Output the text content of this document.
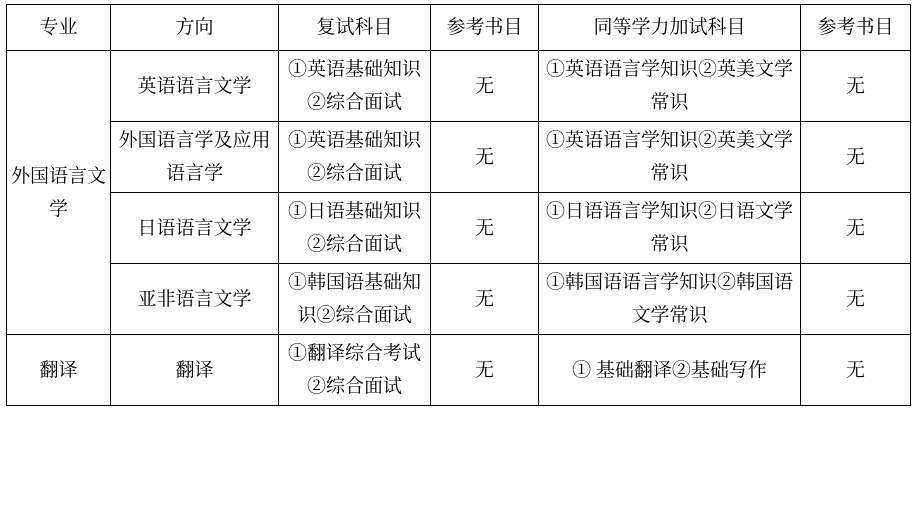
专业	方向	复试科目	参考书目	同等学力加试科目	参考书目
外国语言文学	英语语言文学	①英语基础知识②综合面试	无	①英语语言学知识②英美文学常识	无
	外国语言学及应用语言学	①英语基础知识②综合面试	无	①英语语言学知识②英美文学常识	无
	日语语言文学	①日语基础知识②综合面试	无	①日语语言学知识②日语文学常识	无
	亚非语言文学	①韩国语基础知识②综合面试	无	①韩国语语言学知识②韩国语文学常识	无
翻译	翻译	①翻译综合考试②综合面试	无	① 基础翻译②基础写作	无
